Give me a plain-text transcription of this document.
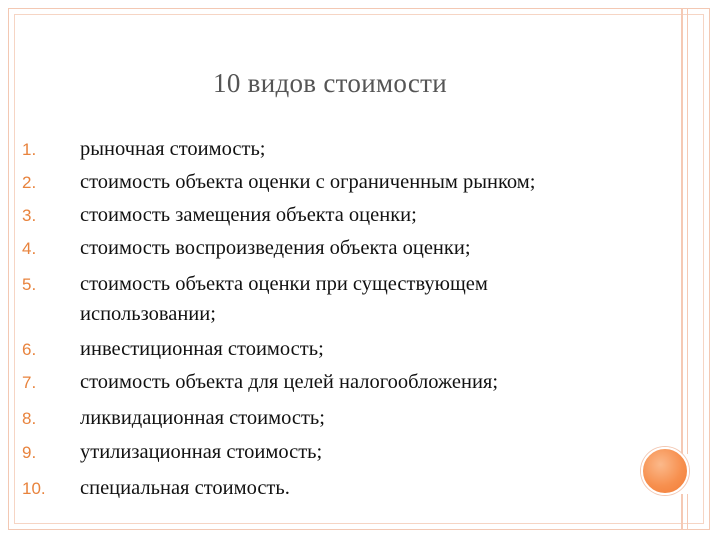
10 видов стоимости
1.	рыночная стоимость;
2.	стоимость объекта оценки с ограниченным рынком;
3.	стоимость замещения объекта оценки;
4.	стоимость воспроизведения объекта оценки;
5.	стоимость объекта оценки при существующем
использовании;
6.	инвестиционная стоимость;
7.	стоимость объекта для целей налогообложения;
8.	ликвидационная стоимость;
9.	утилизационная стоимость;
10.	специальная стоимость.
